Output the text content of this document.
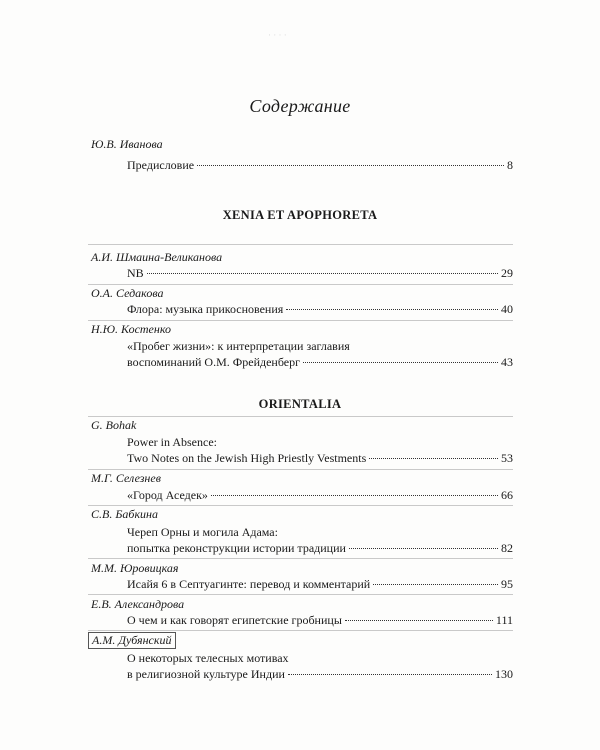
· · · ·
Содержание
Ю.В. Иванова
Предисловие	8
XENIA ET APOPHORETA
А.И. Шмаина-Великанова
NB	29
О.А. Седакова
Флора: музыка прикосновения	40
Н.Ю. Костенко
«Пробег жизни»: к интерпретации заглавия
воспоминаний О.М. Фрейденберг	43
ORIENTALIA
G. Bohak
Power in Absence:
Two Notes on the Jewish High Priestly Vestments	53
М.Г. Селезнев
«Город Аседек»	66
С.В. Бабкина
Череп Орны и могила Адама:
попытка реконструкции истории традиции	82
М.М. Юровицкая
Исайя 6 в Септуагинте: перевод и комментарий	95
Е.В. Александрова
О чем и как говорят египетские гробницы	111
А.М. Дубянский
О некоторых телесных мотивах
в религиозной культуре Индии	130
